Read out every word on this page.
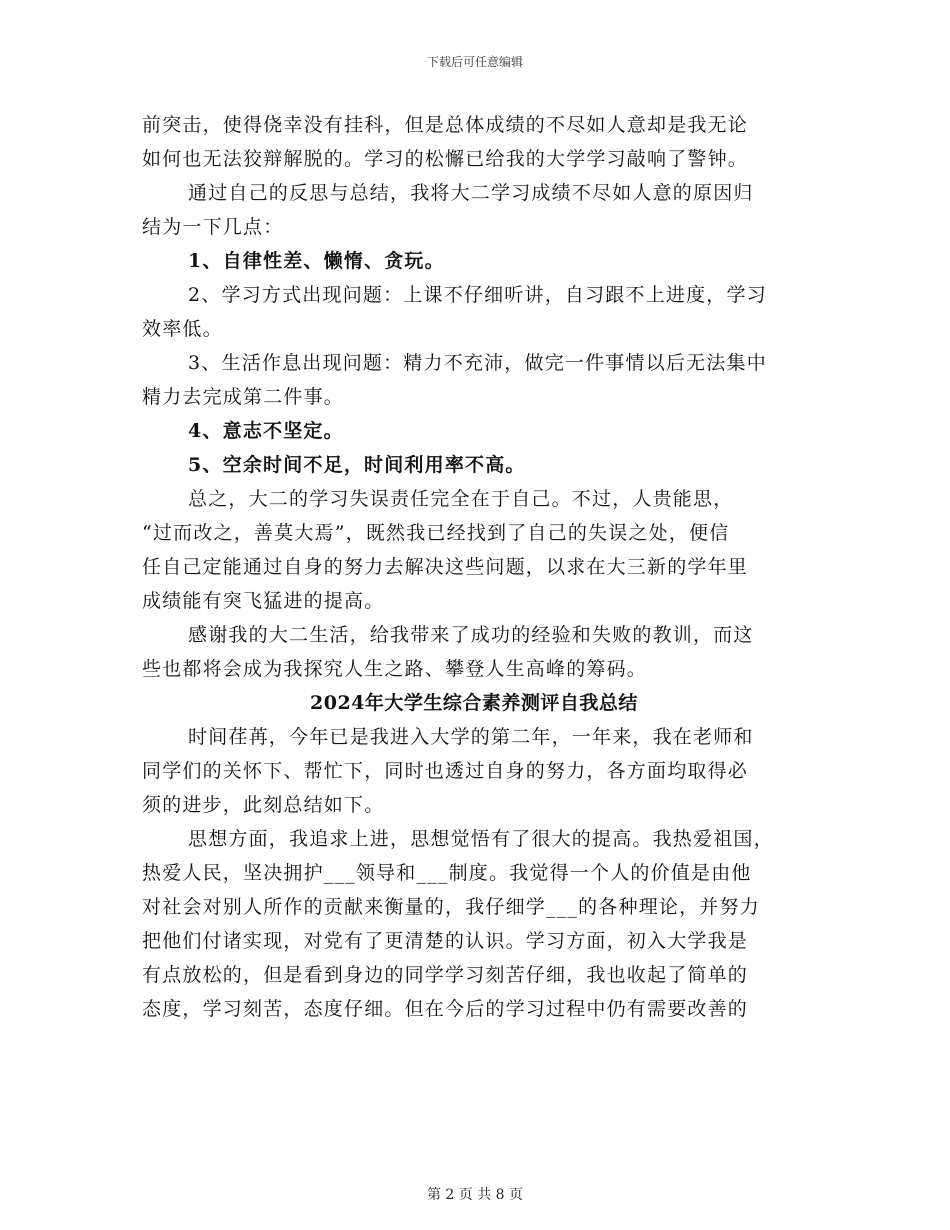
下载后可任意编辑
前突击，使得侥幸没有挂科，但是总体成绩的不尽如人意却是我无论
如何也无法狡辩解脱的。学习的松懈已给我的大学学习敲响了警钟。
通过自己的反思与总结，我将大二学习成绩不尽如人意的原因归
结为一下几点：
1、自律性差、懒惰、贪玩。
2、学习方式出现问题：上课不仔细听讲，自习跟不上进度，学习
效率低。
3、生活作息出现问题：精力不充沛，做完一件事情以后无法集中
精力去完成第二件事。
4、意志不坚定。
5、空余时间不足，时间利用率不高。
总之，大二的学习失误责任完全在于自己。不过，人贵能思，
“过而改之，善莫大焉”，既然我已经找到了自己的失误之处，便信
任自己定能通过自身的努力去解决这些问题，以求在大三新的学年里
成绩能有突飞猛进的提高。
感谢我的大二生活，给我带来了成功的经验和失败的教训，而这
些也都将会成为我探究人生之路、攀登人生高峰的筹码。
2024年大学生综合素养测评自我总结
时间荏苒，今年已是我进入大学的第二年，一年来，我在老师和
同学们的关怀下、帮忙下，同时也透过自身的努力，各方面均取得必
须的进步，此刻总结如下。
思想方面，我追求上进，思想觉悟有了很大的提高。我热爱祖国，
热爱人民，坚决拥护___领导和___制度。我觉得一个人的价值是由他
对社会对别人所作的贡献来衡量的，我仔细学___的各种理论，并努力
把他们付诸实现，对党有了更清楚的认识。学习方面，初入大学我是
有点放松的，但是看到身边的同学学习刻苦仔细，我也收起了简单的
态度，学习刻苦，态度仔细。但在今后的学习过程中仍有需要改善的
第 2 页 共 8 页
